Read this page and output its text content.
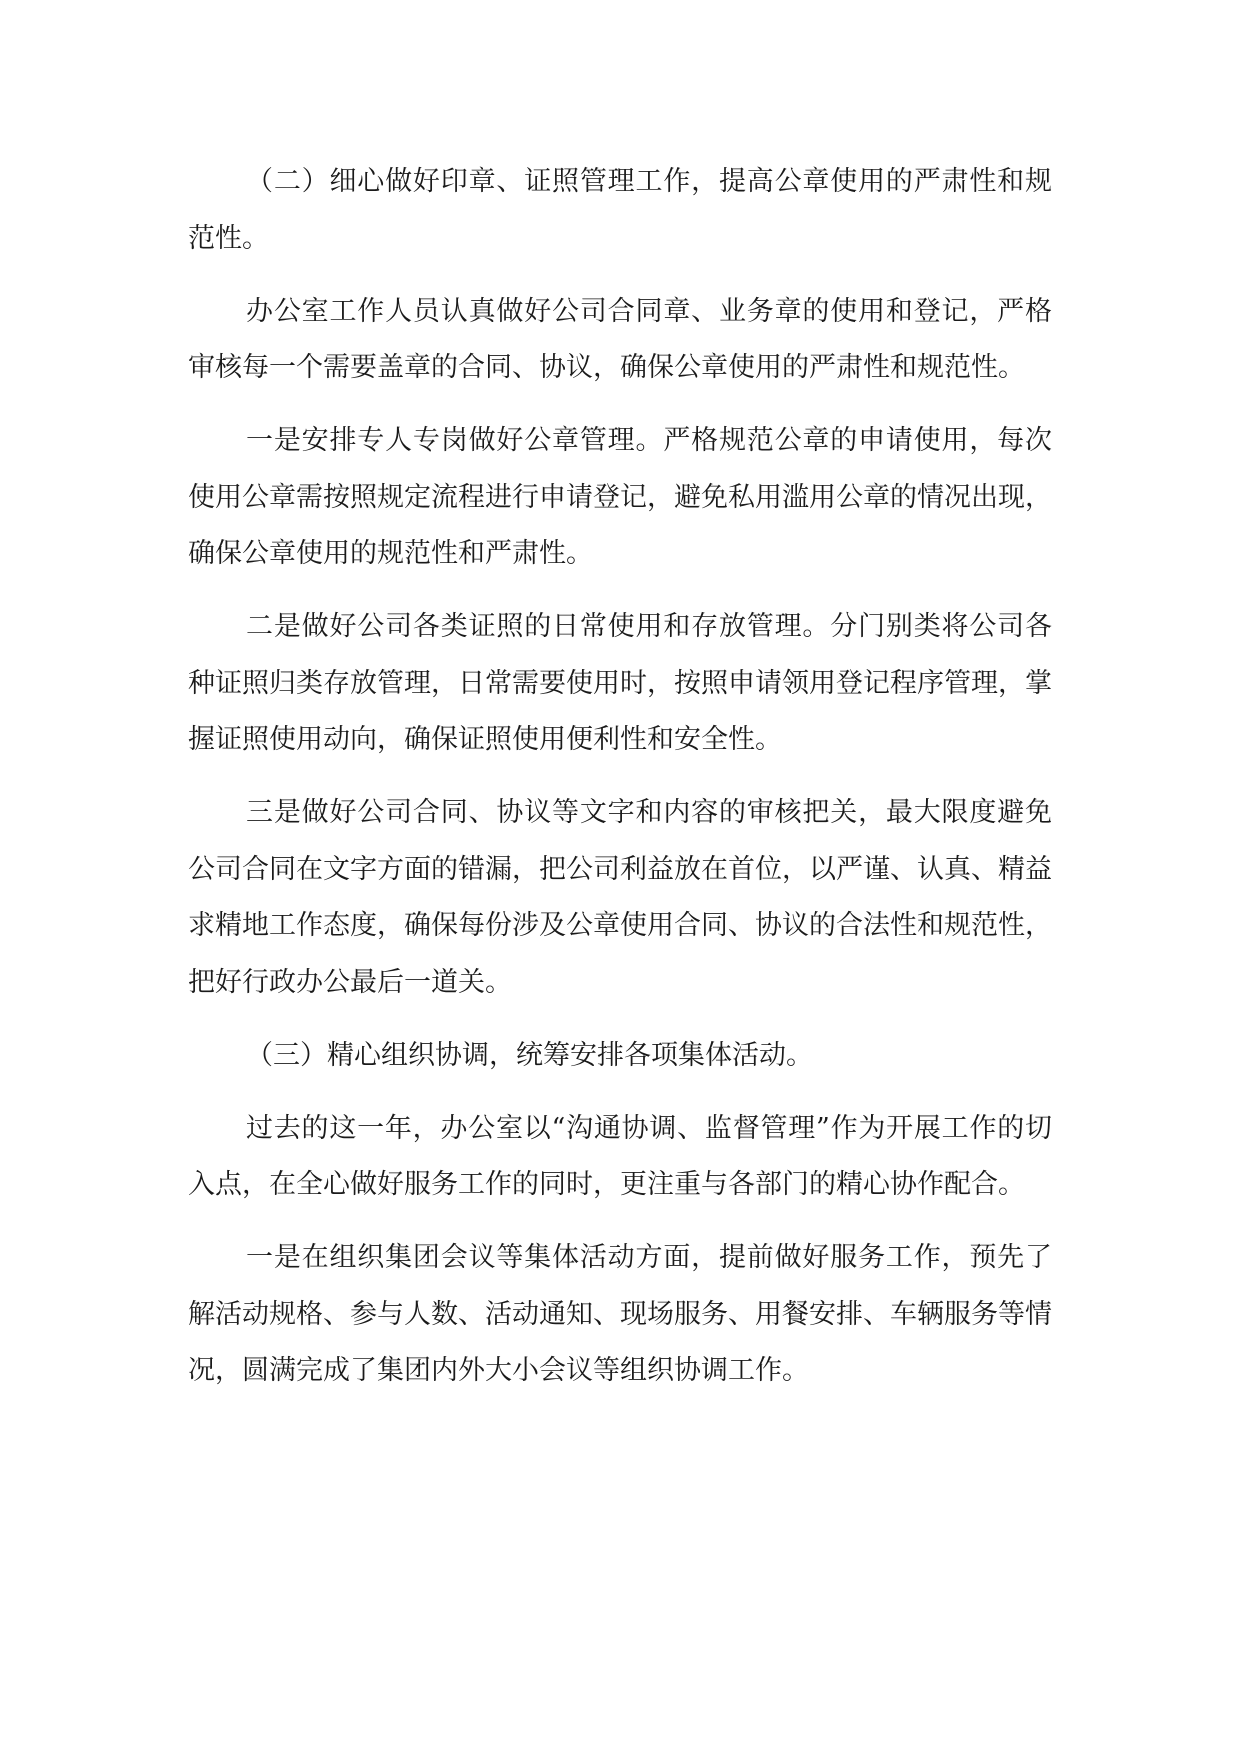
（二）细心做好印章、证照管理工作，提高公章使用的严肃性和规范性。

办公室工作人员认真做好公司合同章、业务章的使用和登记，严格审核每一个需要盖章的合同、协议，确保公章使用的严肃性和规范性。

一是安排专人专岗做好公章管理。严格规范公章的申请使用，每次使用公章需按照规定流程进行申请登记，避免私用滥用公章的情况出现，确保公章使用的规范性和严肃性。

二是做好公司各类证照的日常使用和存放管理。分门别类将公司各种证照归类存放管理，日常需要使用时，按照申请领用登记程序管理，掌握证照使用动向，确保证照使用便利性和安全性。

三是做好公司合同、协议等文字和内容的审核把关，最大限度避免公司合同在文字方面的错漏，把公司利益放在首位，以严谨、认真、精益求精地工作态度，确保每份涉及公章使用合同、协议的合法性和规范性，把好行政办公最后一道关。

（三）精心组织协调，统筹安排各项集体活动。

过去的这一年，办公室以“沟通协调、监督管理”作为开展工作的切入点，在全心做好服务工作的同时，更注重与各部门的精心协作配合。

一是在组织集团会议等集体活动方面，提前做好服务工作，预先了解活动规格、参与人数、活动通知、现场服务、用餐安排、车辆服务等情况，圆满完成了集团内外大小会议等组织协调工作。
